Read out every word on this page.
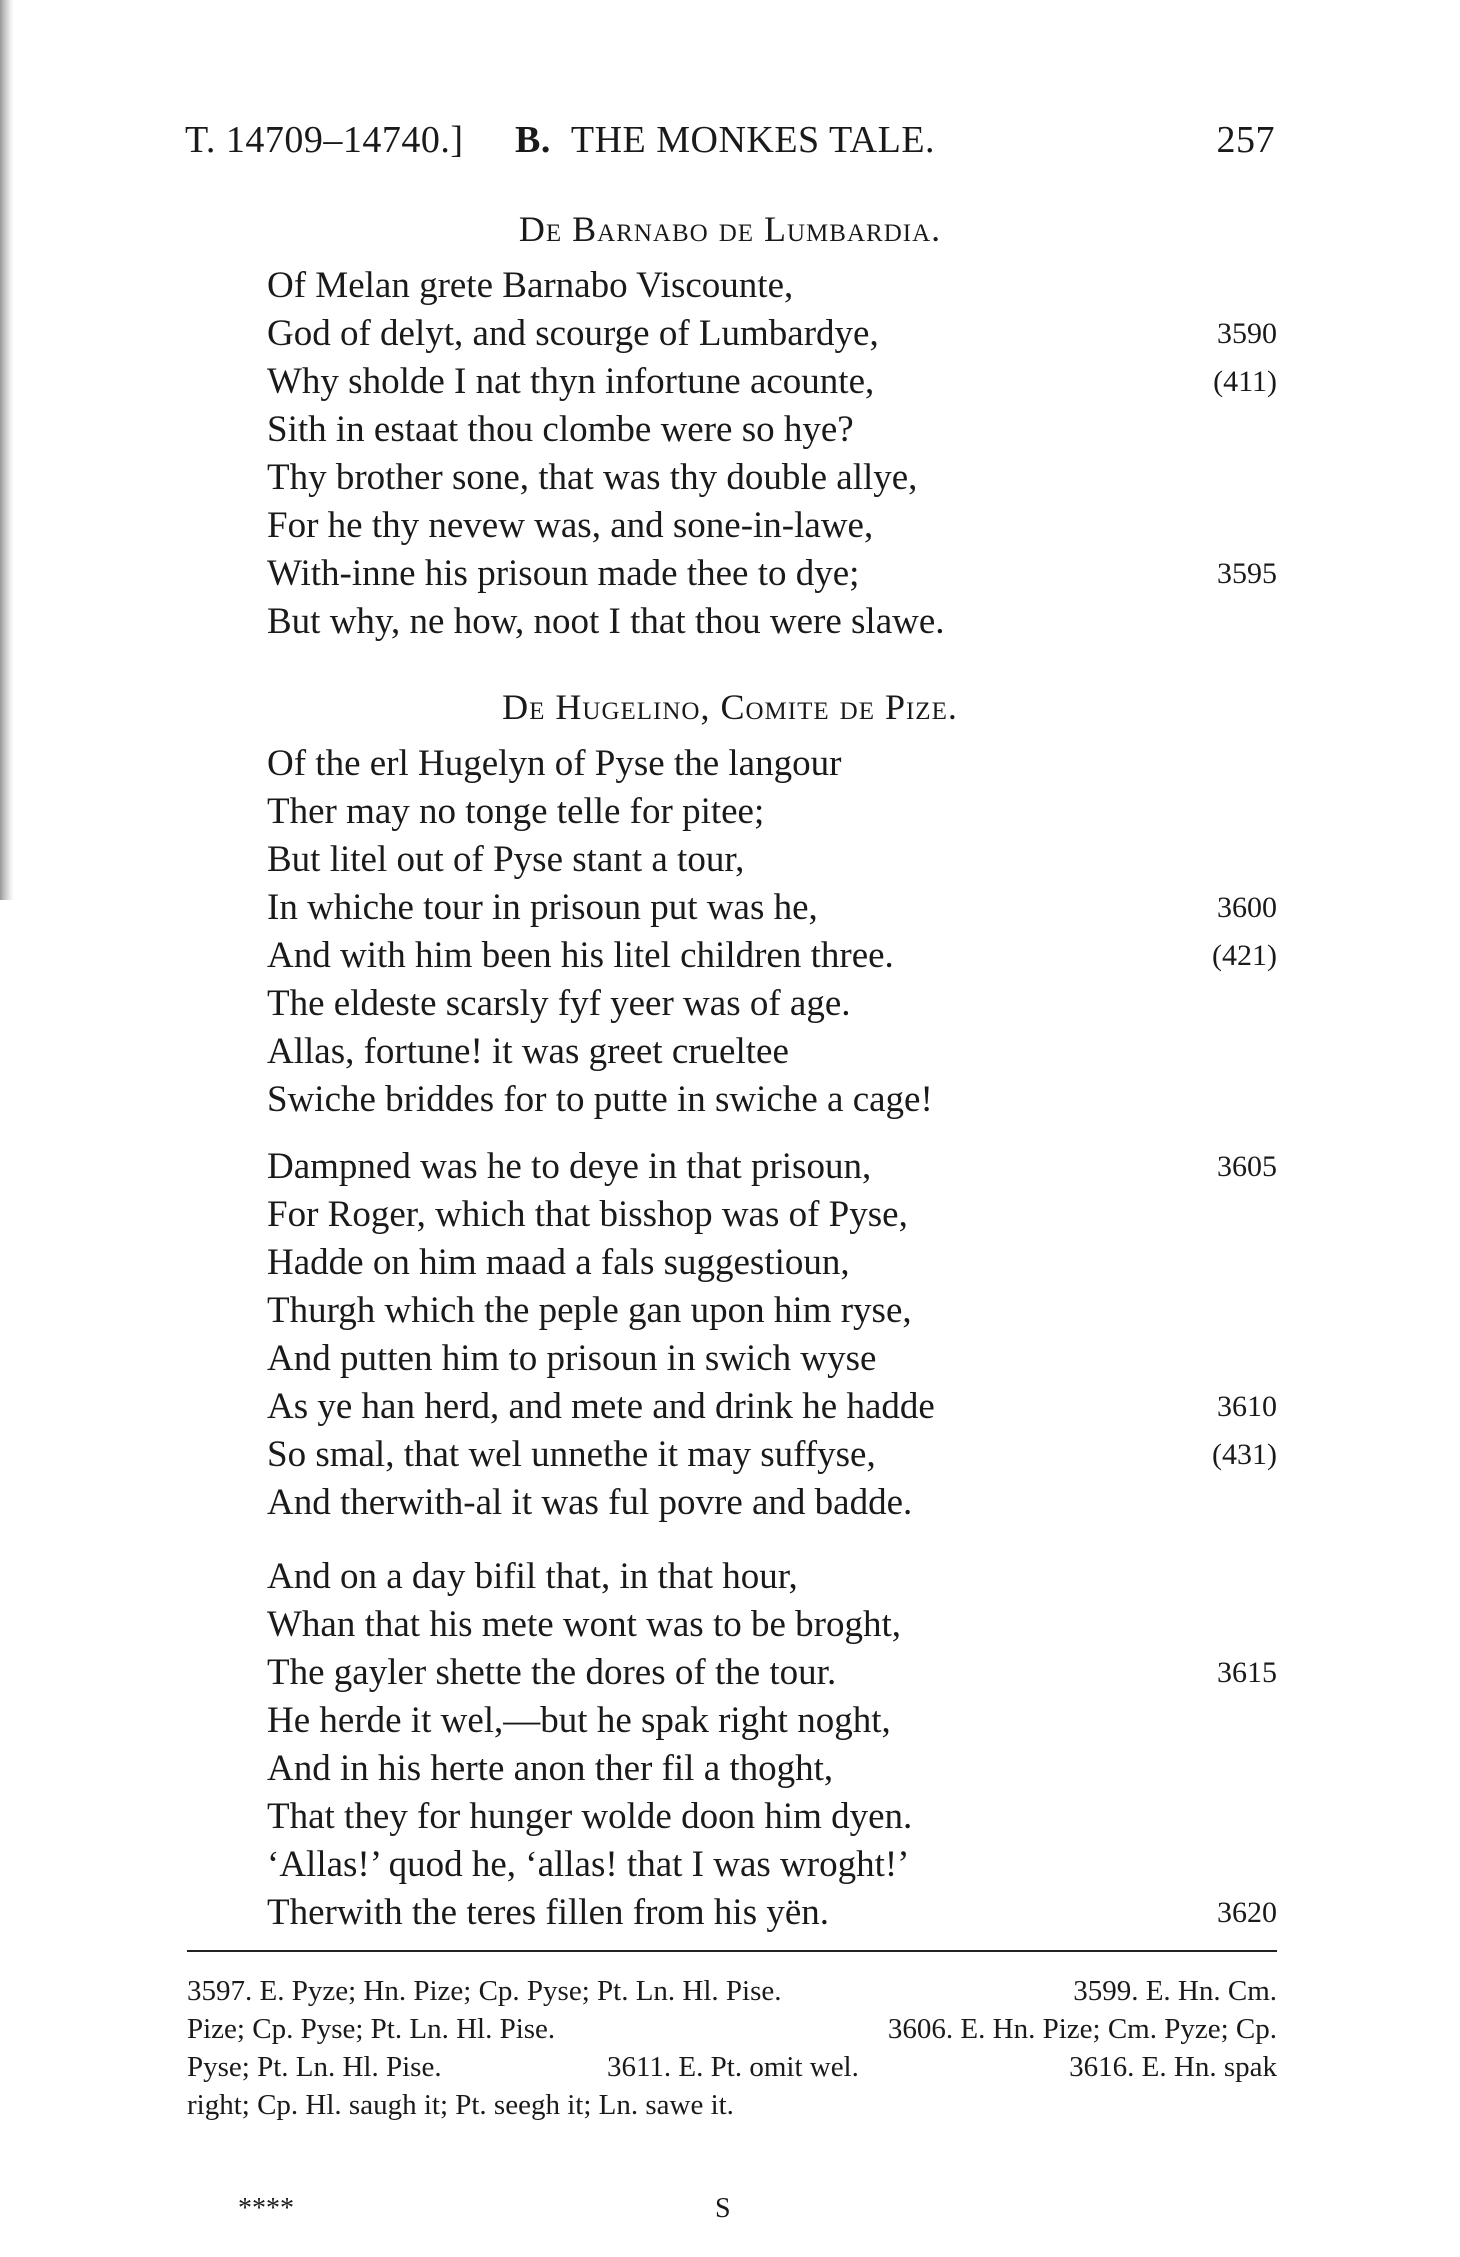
T. 14709–14740.] B. THE MONKES TALE.	257
De Barnabo de Lumbardia.
Of Melan grete Barnabo Viscounte,
God of delyt, and scourge of Lumbardye,	3590
Why sholde I nat thyn infortune acounte,	(411)
Sith in estaat thou clombe were so hye?
Thy brother sone, that was thy double allye,
For he thy nevew was, and sone-in-lawe,
With-inne his prisoun made thee to dye;	3595
But why, ne how, noot I that thou were slawe.
De Hugelino, Comite de Pize.
Of the erl Hugelyn of Pyse the langour
Ther may no tonge telle for pitee;
But litel out of Pyse stant a tour,
In whiche tour in prisoun put was he,	3600
And with him been his litel children three.	(421)
The eldeste scarsly fyf yeer was of age.
Allas, fortune! it was greet crueltee
Swiche briddes for to putte in swiche a cage!
Dampned was he to deye in that prisoun,	3605
For Roger, which that bisshop was of Pyse,
Hadde on him maad a fals suggestioun,
Thurgh which the peple gan upon him ryse,
And putten him to prisoun in swich wyse
As ye han herd, and mete and drink he hadde	3610
So smal, that wel unnethe it may suffyse,	(431)
And therwith-al it was ful povre and badde.
And on a day bifil that, in that hour,
Whan that his mete wont was to be broght,
The gayler shette the dores of the tour.	3615
He herde it wel,—but he spak right noght,
And in his herte anon ther fil a thoght,
That they for hunger wolde doon him dyen.
‘Allas!’ quod he, ‘allas! that I was wroght!’
Therwith the teres fillen from his yën.	3620
3597. E. Pyze; Hn. Pize; Cp. Pyse; Pt. Ln. Hl. Pise.	3599. E. Hn. Cm.
Pize; Cp. Pyse; Pt. Ln. Hl. Pise.	3606. E. Hn. Pize; Cm. Pyze; Cp.
Pyse; Pt. Ln. Hl. Pise.	3611. E. Pt. omit wel.	3616. E. Hn. spak
right; Cp. Hl. saugh it; Pt. seegh it; Ln. sawe it.
****	S
